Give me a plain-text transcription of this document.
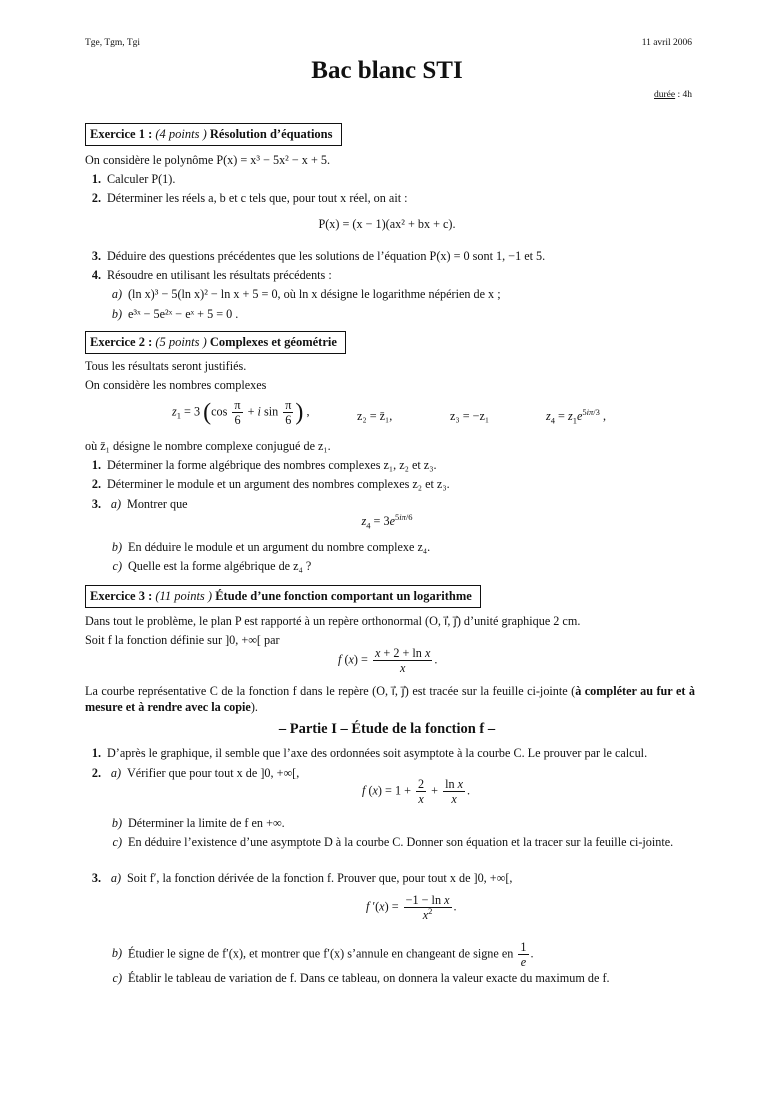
Tge, Tgm, Tgi	11 avril 2006
Bac blanc STI
durée : 4h
Exercice 1 : (4 points ) Résolution d’équations
On considère le polynôme P(x) = x³ − 5x² − x + 5.
1. Calculer P(1).
2. Déterminer les réels a, b et c tels que, pour tout x réel, on ait :
P(x) = (x − 1)(ax² + bx + c).
3. Déduire des questions précédentes que les solutions de l’équation P(x) = 0 sont 1, −1 et 5.
4. Résoudre en utilisant les résultats précédents :
a) (ln x)³ − 5(ln x)² − ln x + 5 = 0, où ln x désigne le logarithme népérien de x ;
b) e³ˣ − 5e²ˣ − eˣ + 5 = 0 .
Exercice 2 : (5 points ) Complexes et géométrie
Tous les résultats seront justifiés.
On considère les nombres complexes
$z_1 = 3$ ($\cos \frac{\pi}{6} + i$ $\sin \frac{\pi}{6}$ ) ,	z₂ = z̄₁,	z₃ = −z₁	$z_4 = z_1e^{5i\pi/3}$ ,
où z̄₁ désigne le nombre complexe conjugué de z₁.
1. Déterminer la forme algébrique des nombres complexes z₁, z₂ et z₃.
2. Déterminer le module et un argument des nombres complexes z₂ et z₃.
3. a) Montrer que
$z_4 = 3e^{5i\pi/6}$
b) En déduire le module et un argument du nombre complexe z₄.
c) Quelle est la forme algébrique de z₄ ?
Exercice 3 : (11 points ) Étude d’une fonction comportant un logarithme
Dans tout le problème, le plan P est rapporté à un repère orthonormal (O, i⃗, j⃗) d’unité graphique 2 cm.
Soit f la fonction définie sur ]0, +∞[ par
f $(x) = \frac{\text{x + 2 + ln x}}{x}$ .
La courbe représentative C de la fonction f dans le repère (O, i⃗, j⃗) est tracée sur la feuille ci-jointe (à compléter au fur et à mesure et à rendre avec la copie).
– Partie I – Étude de la fonction f –
1. D’après le graphique, il semble que l’axe des ordonnées soit asymptote à la courbe C. Le prouver par le calcul.
2. a) Vérifier que pour tout x de ]0, +∞[,
f $(x) = 1 + \frac{2}{x} + \frac{\text{ln x}}{x}$ .
b) Déterminer la limite de f en +∞.
c) En déduire l’existence d’une asymptote D à la courbe C. Donner son équation et la tracer sur la feuille ci-jointe.
3. a) Soit f′, la fonction dérivée de la fonction f. Prouver que, pour tout x de ]0, +∞[,
f $'(x) = \frac{\text{−1 − ln x}}{x^2}$ .
b) Étudier le signe de f′(x), et montrer que f′(x) s’annule en changeant de signe en $\frac{1}{e}$ .
c) Établir le tableau de variation de f. Dans ce tableau, on donnera la valeur exacte du maximum de f.
